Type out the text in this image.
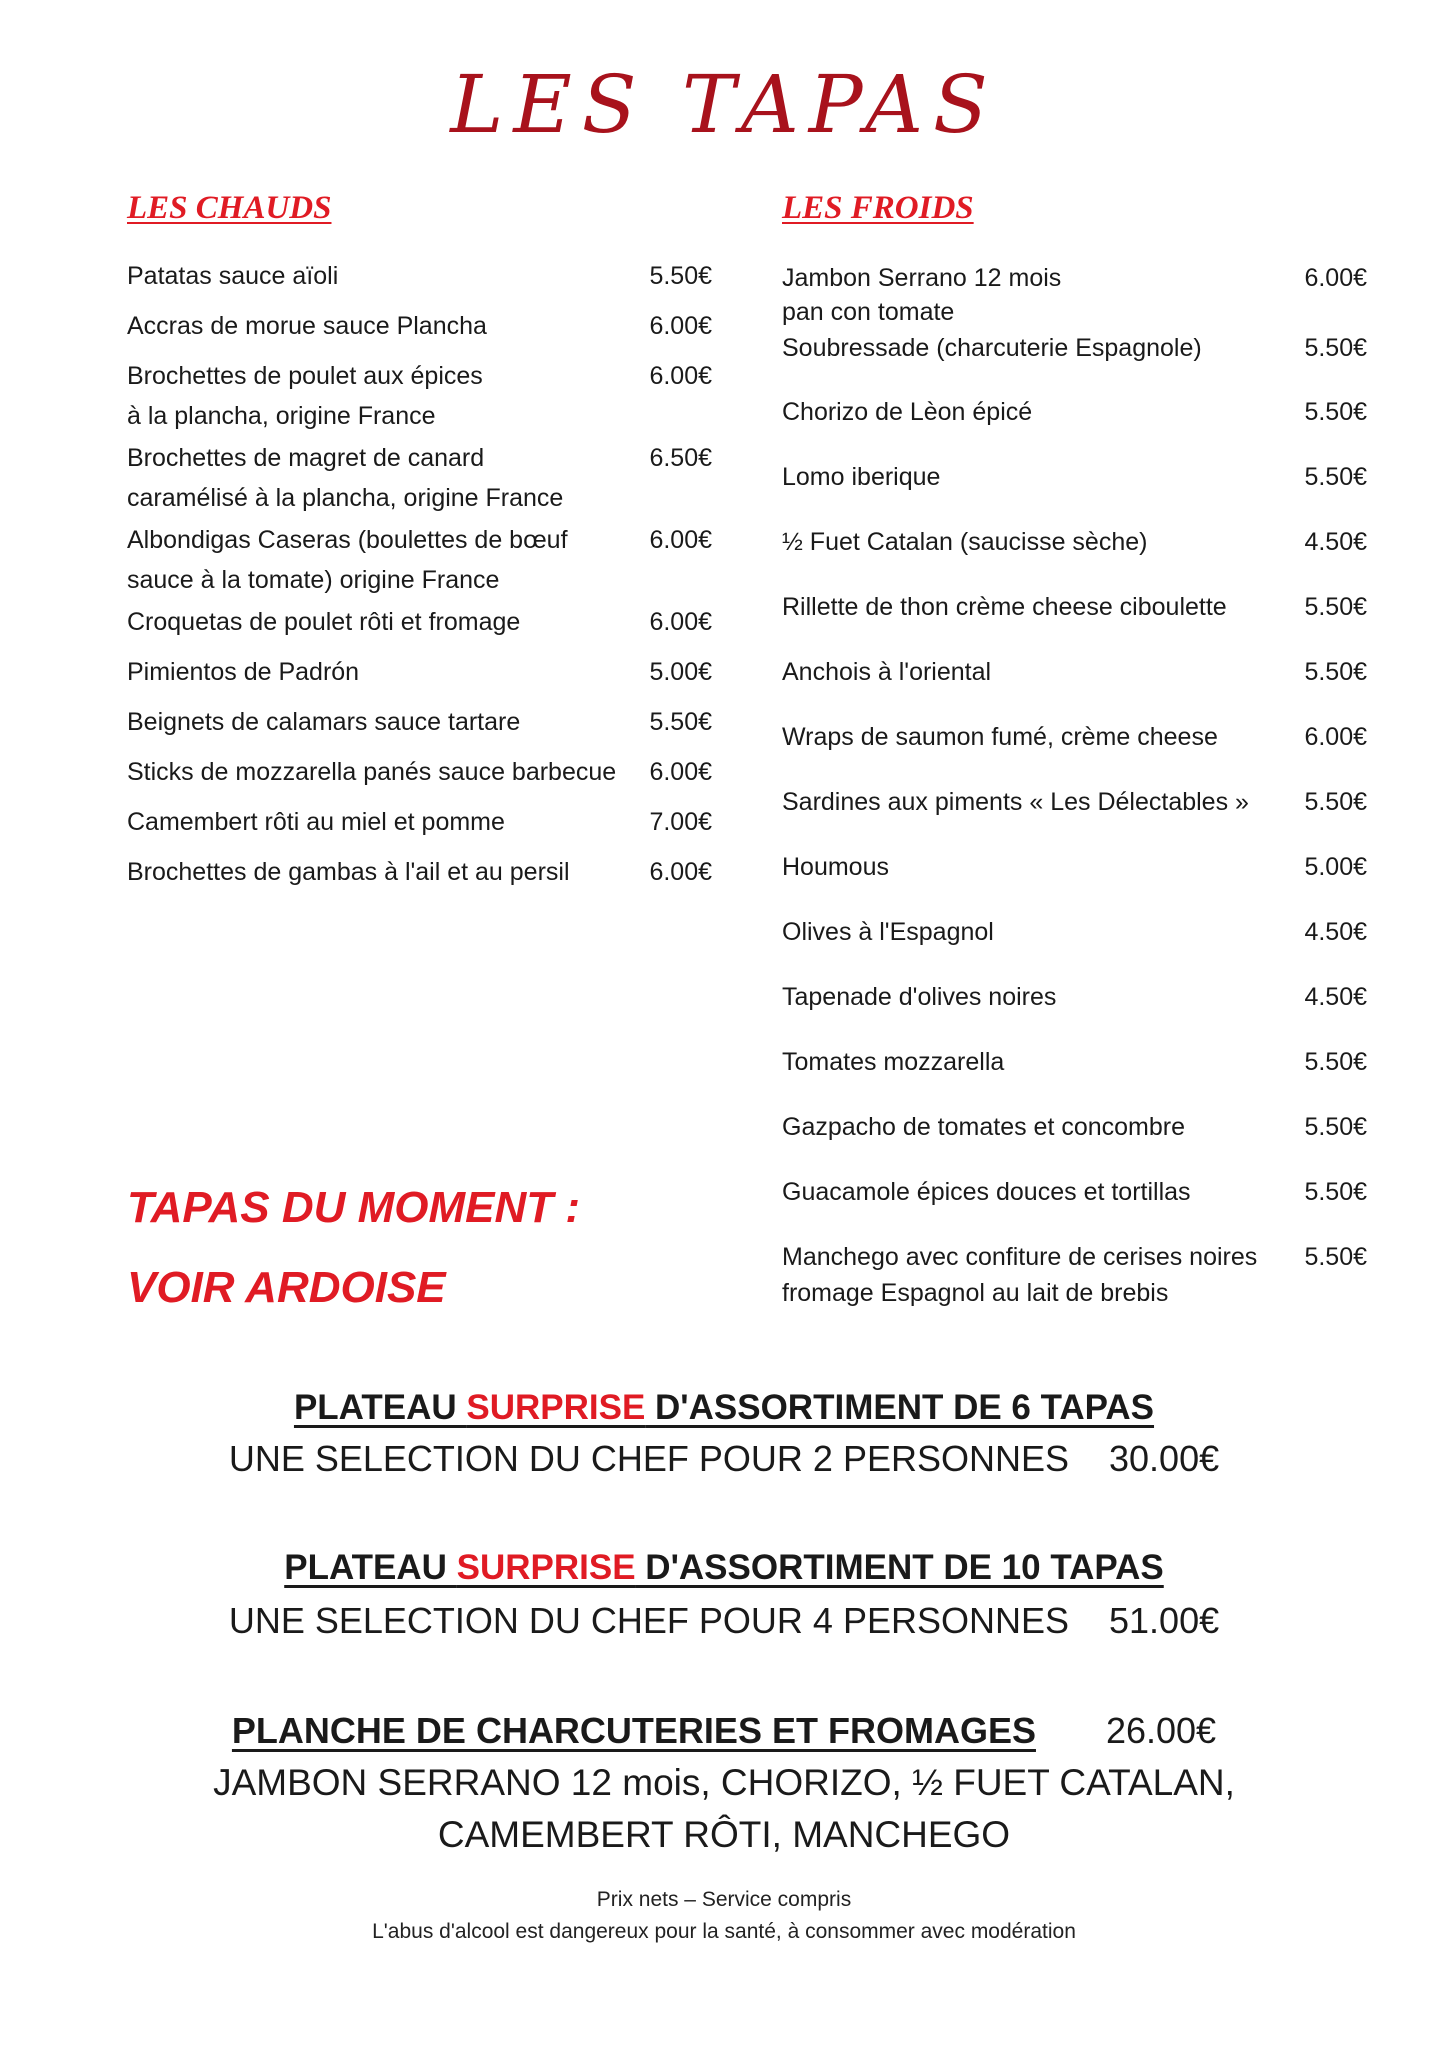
LES TAPAS
LES CHAUDS
Patatas sauce aïoli	5.50€
Accras de morue sauce Plancha	6.00€
Brochettes de poulet aux épices	6.00€
à la plancha, origine France
Brochettes de magret de canard	6.50€
caramélisé à la plancha, origine France
Albondigas Caseras (boulettes de bœuf	6.00€
sauce à la tomate) origine France
Croquetas de poulet rôti et fromage	6.00€
Pimientos de Padrón	5.00€
Beignets de calamars sauce tartare	5.50€
Sticks de mozzarella panés sauce barbecue	6.00€
Camembert rôti au miel et pomme	7.00€
Brochettes de gambas à l'ail et au persil	6.00€
LES FROIDS
Jambon Serrano 12 mois	6.00€
pan con tomate
Soubressade (charcuterie Espagnole)	5.50€
Chorizo de Lèon épicé	5.50€
Lomo iberique	5.50€
½ Fuet Catalan (saucisse sèche)	4.50€
Rillette de thon crème cheese ciboulette	5.50€
Anchois à l'oriental	5.50€
Wraps de saumon fumé, crème cheese	6.00€
Sardines aux piments « Les Délectables »	5.50€
Houmous	5.00€
Olives à l'Espagnol	4.50€
Tapenade d'olives noires	4.50€
Tomates mozzarella	5.50€
Gazpacho de tomates et concombre	5.50€
Guacamole épices douces et tortillas	5.50€
Manchego avec confiture de cerises noires	5.50€
fromage Espagnol au lait de brebis
TAPAS DU MOMENT :
VOIR ARDOISE
PLATEAU SURPRISE D'ASSORTIMENT DE 6 TAPAS
UNE SELECTION DU CHEF POUR 2 PERSONNES 30.00€
PLATEAU SURPRISE D'ASSORTIMENT DE 10 TAPAS
UNE SELECTION DU CHEF POUR 4 PERSONNES 51.00€
PLANCHE DE CHARCUTERIES ET FROMAGES 26.00€
JAMBON SERRANO 12 mois, CHORIZO, ½ FUET CATALAN,
CAMEMBERT RÔTI, MANCHEGO
Prix nets – Service compris
L'abus d'alcool est dangereux pour la santé, à consommer avec modération
